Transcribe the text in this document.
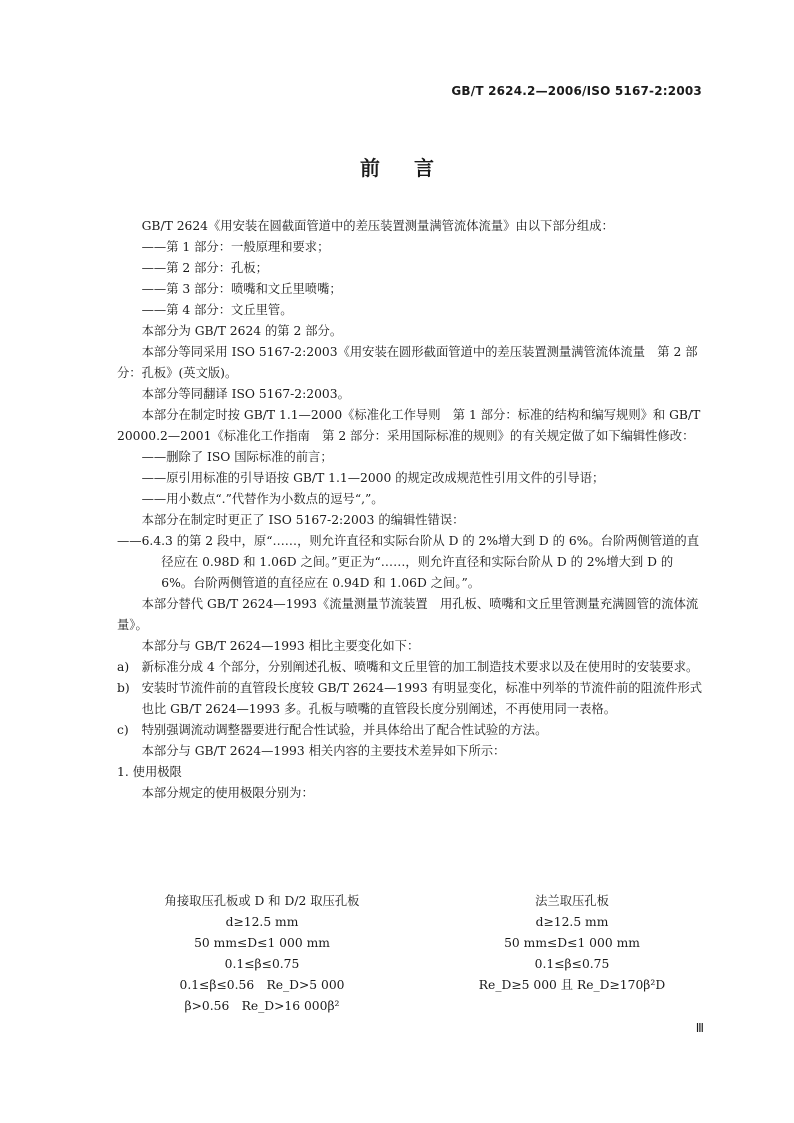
GB/T 2624.2—2006/ISO 5167-2:2003
前言

GB/T 2624《用安装在圆截面管道中的差压装置测量满管流体流量》由以下部分组成：

——第 1 部分：一般原理和要求；

——第 2 部分：孔板；

——第 3 部分：喷嘴和文丘里喷嘴；

——第 4 部分：文丘里管。

本部分为 GB/T 2624 的第 2 部分。

本部分等同采用 ISO 5167-2:2003《用安装在圆形截面管道中的差压装置测量满管流体流量　第 2 部分：孔板》(英文版)。

本部分等同翻译 ISO 5167-2:2003。

本部分在制定时按 GB/T 1.1—2000《标准化工作导则　第 1 部分：标准的结构和编写规则》和 GB/T 20000.2—2001《标准化工作指南　第 2 部分：采用国际标准的规则》的有关规定做了如下编辑性修改：

——删除了 ISO 国际标准的前言；

——原引用标准的引导语按 GB/T 1.1—2000 的规定改成规范性引用文件的引导语；

——用小数点“.”代替作为小数点的逗号“,”。

本部分在制定时更正了 ISO 5167-2:2003 的编辑性错误：

——6.4.3 的第 2 段中，原“……，则允许直径和实际台阶从 D 的 2%增大到 D 的 6%。台阶两侧管道的直径应在 0.98D 和 1.06D 之间。”更正为“……，则允许直径和实际台阶从 D 的 2%增大到 D 的 6%。台阶两侧管道的直径应在 0.94D 和 1.06D 之间。”。

本部分替代 GB/T 2624—1993《流量测量节流装置　用孔板、喷嘴和文丘里管测量充满圆管的流体流量》。

本部分与 GB/T 2624—1993 相比主要变化如下：

a)	新标准分成 4 个部分，分别阐述孔板、喷嘴和文丘里管的加工制造技术要求以及在使用时的安装要求。

b) 安装时节流件前的直管段长度较 GB/T 2624—1993 有明显变化，标准中列举的节流件前的阻流件形式也比 GB/T 2624—1993 多。孔板与喷嘴的直管段长度分别阐述，不再使用同一表格。

c)	特别强调流动调整器要进行配合性试验，并具体给出了配合性试验的方法。

本部分与 GB/T 2624—1993 相关内容的主要技术差异如下所示：

1. 使用极限

本部分规定的使用极限分别为：

角接取压孔板或 D 和 D/2 取压孔板

d≥12.5 mm

50 mm≤D≤1 000 mm

0.1≤β≤0.75

0.1≤β≤0.56　Re_D>5 000

β>0.56　Re_D>16 000β²

法兰取压孔板

d≥12.5 mm

50 mm≤D≤1 000 mm

0.1≤β≤0.75

Re_D≥5 000 且 Re_D≥170β²D

Ⅲ
